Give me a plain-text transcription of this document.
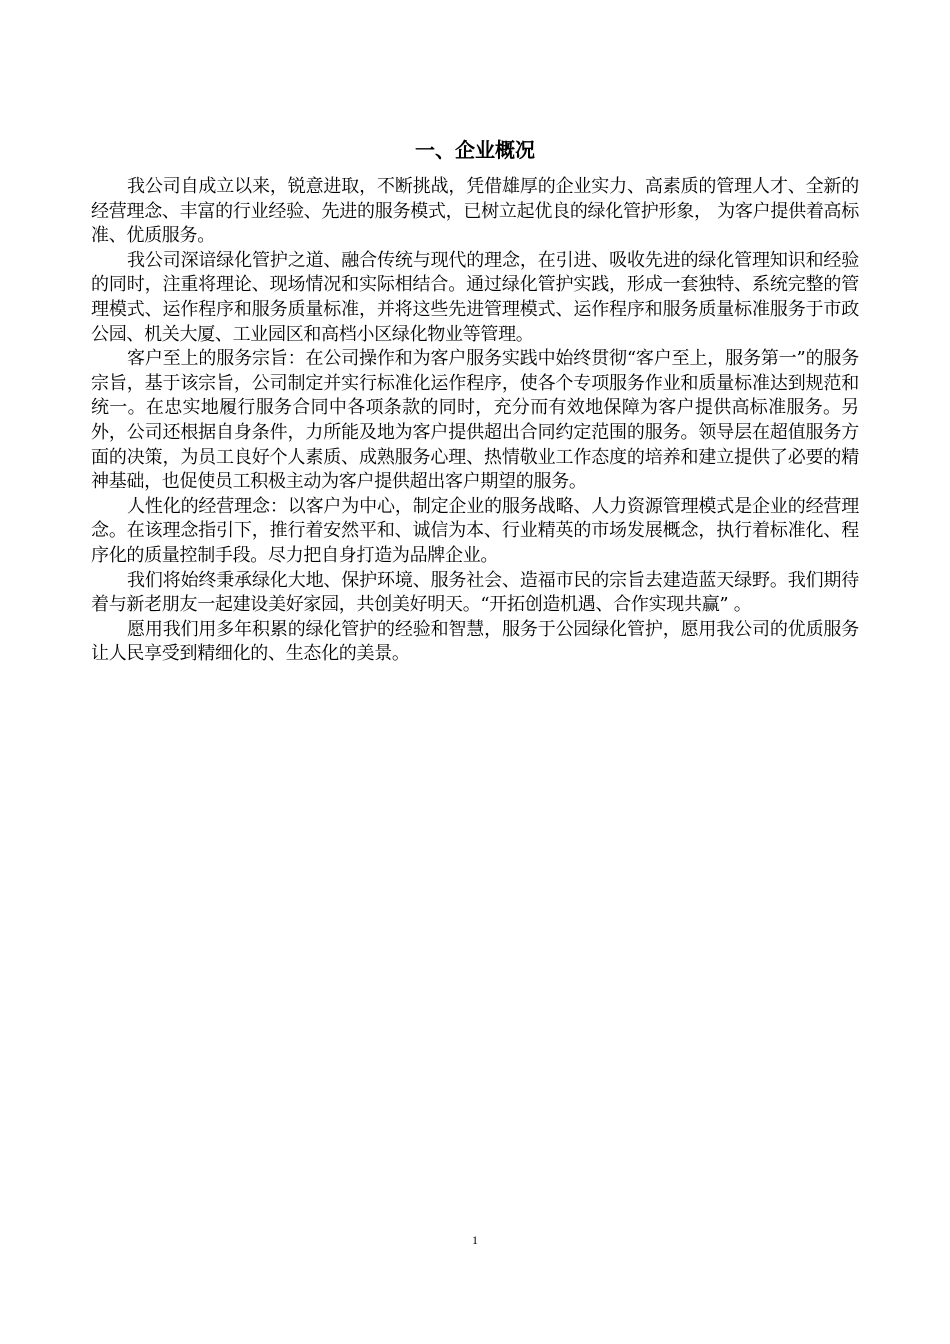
一、企业概况

我公司自成立以来，锐意进取，不断挑战，凭借雄厚的企业实力、高素质的管理人才、全新的经营理念、丰富的行业经验、先进的服务模式，已树立起优良的绿化管护形象， 为客户提供着高标准、优质服务。

我公司深谙绿化管护之道、融合传统与现代的理念，在引进、吸收先进的绿化管理知识和经验的同时，注重将理论、现场情况和实际相结合。通过绿化管护实践，形成一套独特、系统完整的管理模式、运作程序和服务质量标准，并将这些先进管理模式、运作程序和服务质量标准服务于市政公园、机关大厦、工业园区和高档小区绿化物业等管理。

客户至上的服务宗旨：在公司操作和为客户服务实践中始终贯彻“客户至上，服务第一”的服务宗旨，基于该宗旨，公司制定并实行标准化运作程序，使各个专项服务作业和质量标准达到规范和统一。在忠实地履行服务合同中各项条款的同时，充分而有效地保障为客户提供高标准服务。另外，公司还根据自身条件，力所能及地为客户提供超出合同约定范围的服务。领导层在超值服务方面的决策，为员工良好个人素质、成熟服务心理、热情敬业工作态度的培养和建立提供了必要的精神基础，也促使员工积极主动为客户提供超出客户期望的服务。

人性化的经营理念：以客户为中心，制定企业的服务战略、人力资源管理模式是企业的经营理念。在该理念指引下，推行着安然平和、诚信为本、行业精英的市场发展概念，执行着标准化、程序化的质量控制手段。尽力把自身打造为品牌企业。

我们将始终秉承绿化大地、保护环境、服务社会、造福市民的宗旨去建造蓝天绿野。我们期待着与新老朋友一起建设美好家园，共创美好明天。“开拓创造机遇、合作实现共赢” 。

愿用我们用多年积累的绿化管护的经验和智慧，服务于公园绿化管护，愿用我公司的优质服务让人民享受到精细化的、生态化的美景。

1
